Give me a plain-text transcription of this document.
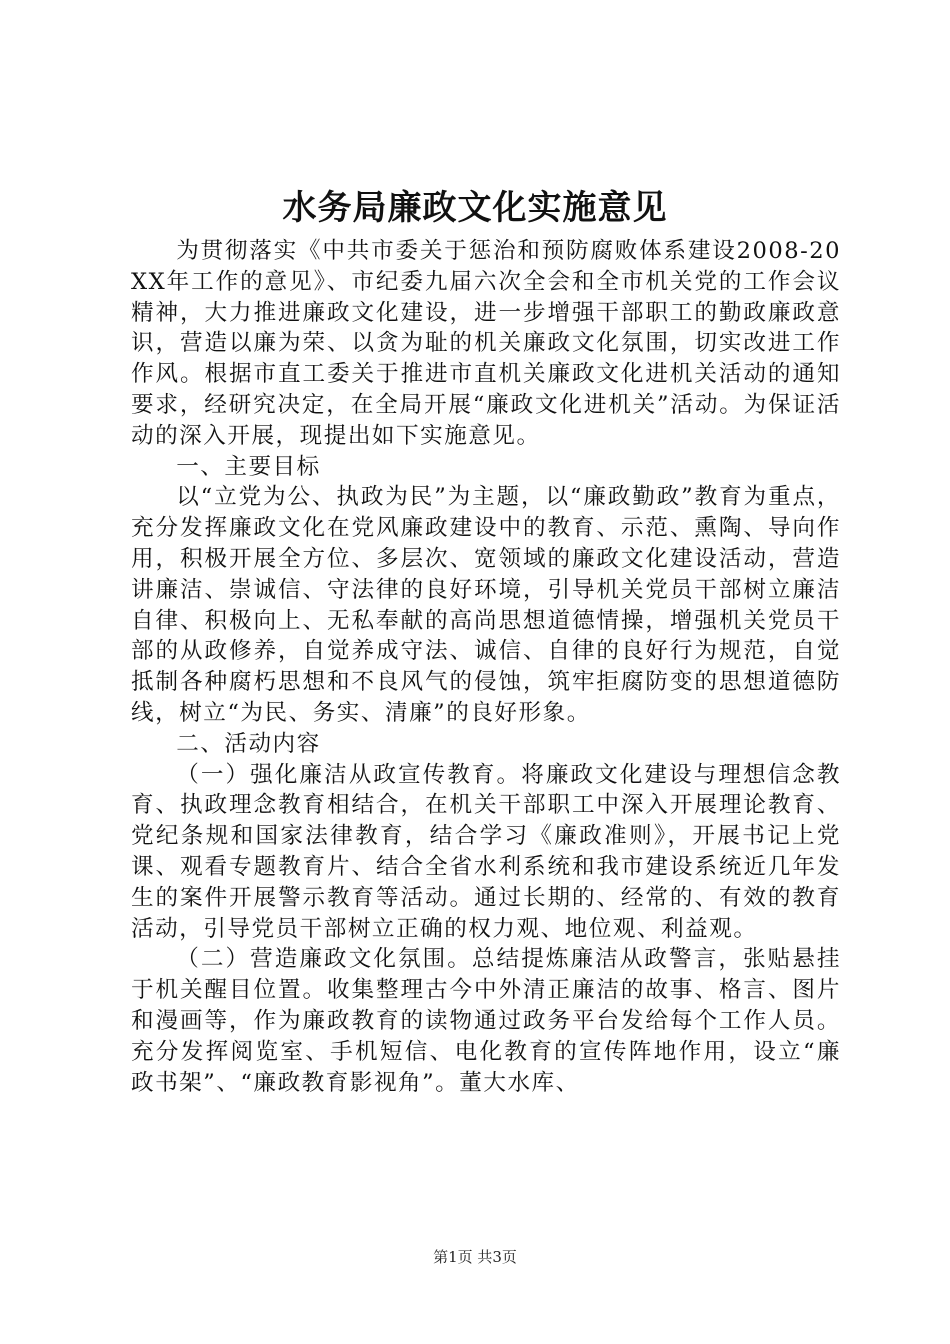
水务局廉政文化实施意见

为贯彻落实《中共市委关于惩治和预防腐败体系建设2008-20XX年工作的意见》、市纪委九届六次全会和全市机关党的工作会议精神，大力推进廉政文化建设，进一步增强干部职工的勤政廉政意识，营造以廉为荣、以贪为耻的机关廉政文化氛围，切实改进工作作风。根据市直工委关于推进市直机关廉政文化进机关活动的通知要求，经研究决定，在全局开展“廉政文化进机关”活动。为保证活动的深入开展，现提出如下实施意见。

一、主要目标

以“立党为公、执政为民”为主题，以“廉政勤政”教育为重点，充分发挥廉政文化在党风廉政建设中的教育、示范、熏陶、导向作用，积极开展全方位、多层次、宽领域的廉政文化建设活动，营造讲廉洁、崇诚信、守法律的良好环境，引导机关党员干部树立廉洁自律、积极向上、无私奉献的高尚思想道德情操，增强机关党员干部的从政修养，自觉养成守法、诚信、自律的良好行为规范，自觉抵制各种腐朽思想和不良风气的侵蚀，筑牢拒腐防变的思想道德防线，树立“为民、务实、清廉”的良好形象。

二、活动内容

（一）强化廉洁从政宣传教育。将廉政文化建设与理想信念教育、执政理念教育相结合，在机关干部职工中深入开展理论教育、党纪条规和国家法律教育，结合学习《廉政准则》，开展书记上党课、观看专题教育片、结合全省水利系统和我市建设系统近几年发生的案件开展警示教育等活动。通过长期的、经常的、有效的教育活动，引导党员干部树立正确的权力观、地位观、利益观。

（二）营造廉政文化氛围。总结提炼廉洁从政警言，张贴悬挂于机关醒目位置。收集整理古今中外清正廉洁的故事、格言、图片和漫画等，作为廉政教育的读物通过政务平台发给每个工作人员。充分发挥阅览室、手机短信、电化教育的宣传阵地作用，设立“廉政书架”、“廉政教育影视角”。董大水库、

第1页 共3页
